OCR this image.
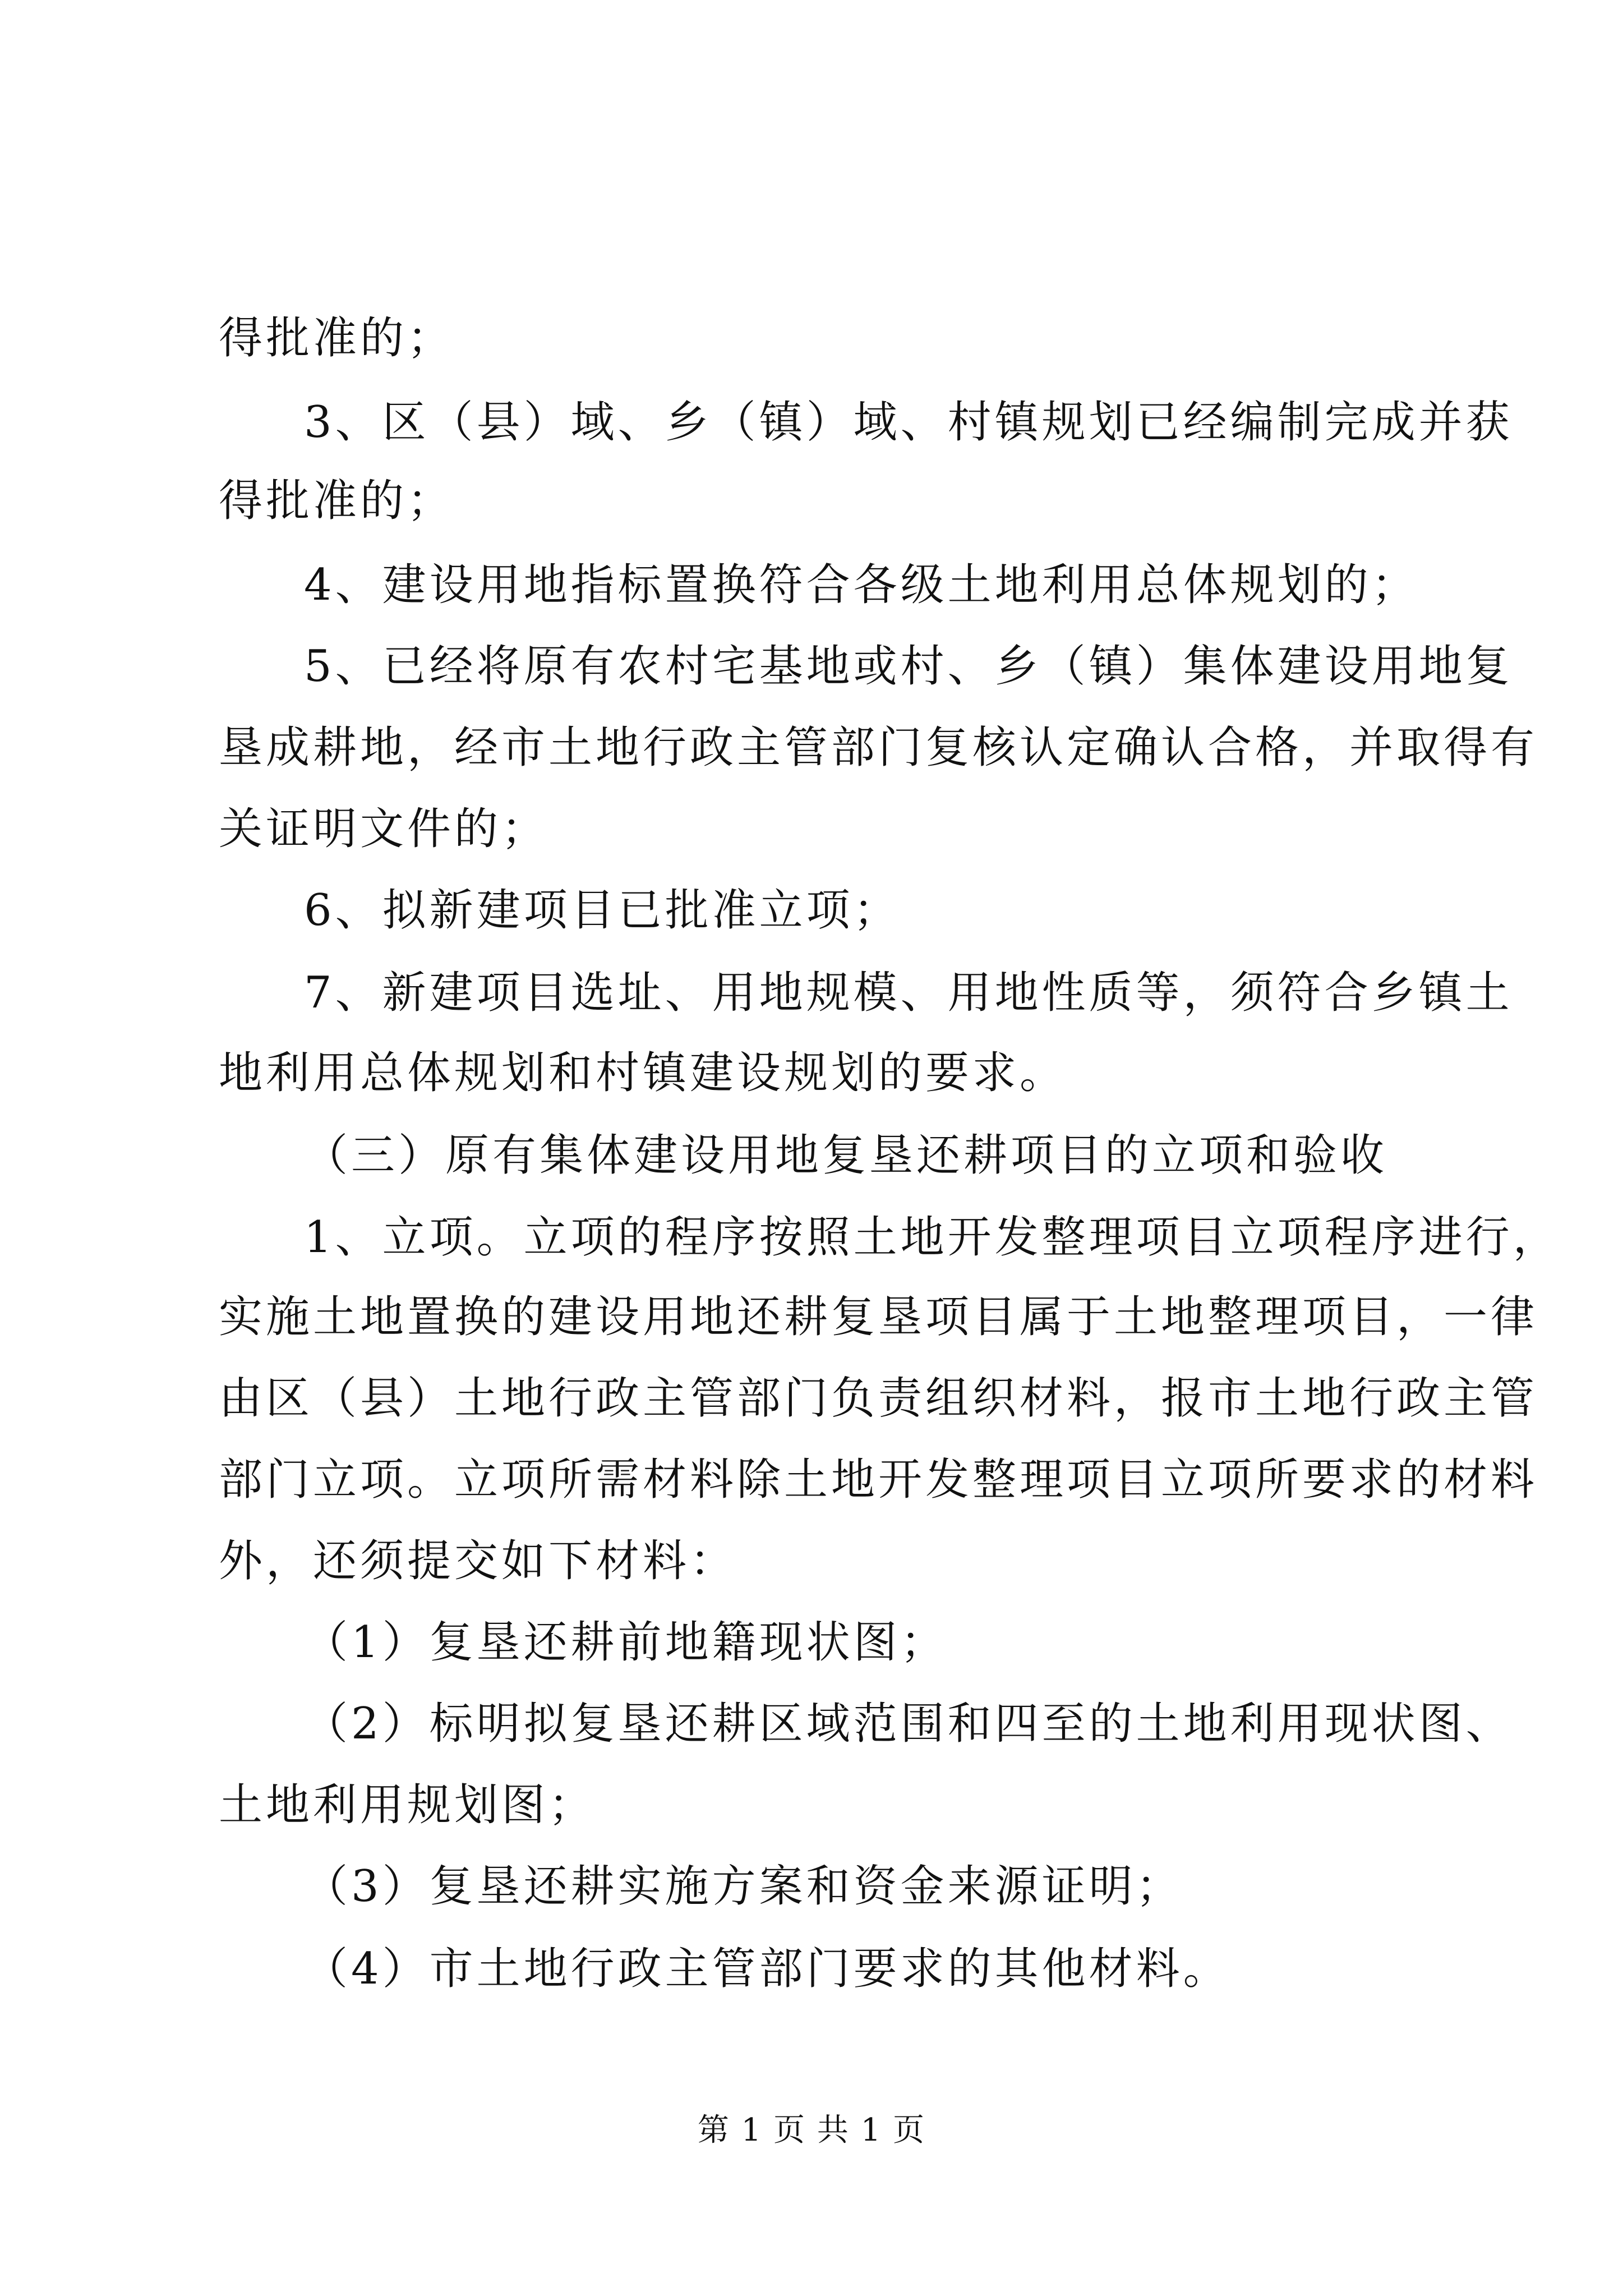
得批准的；
3、区（县）域、乡（镇）域、村镇规划已经编制完成并获
得批准的；
4、建设用地指标置换符合各级土地利用总体规划的；
5、已经将原有农村宅基地或村、乡（镇）集体建设用地复
垦成耕地，经市土地行政主管部门复核认定确认合格，并取得有
关证明文件的；
6、拟新建项目已批准立项；
7、新建项目选址、用地规模、用地性质等，须符合乡镇土
地利用总体规划和村镇建设规划的要求。
（三）原有集体建设用地复垦还耕项目的立项和验收
1、立项。立项的程序按照土地开发整理项目立项程序进行，
实施土地置换的建设用地还耕复垦项目属于土地整理项目，一律
由区（县）土地行政主管部门负责组织材料，报市土地行政主管
部门立项。立项所需材料除土地开发整理项目立项所要求的材料
外，还须提交如下材料：
（1）复垦还耕前地籍现状图；
（2）标明拟复垦还耕区域范围和四至的土地利用现状图、
土地利用规划图；
（3）复垦还耕实施方案和资金来源证明；
（4）市土地行政主管部门要求的其他材料。
第 1 页 共 1 页
